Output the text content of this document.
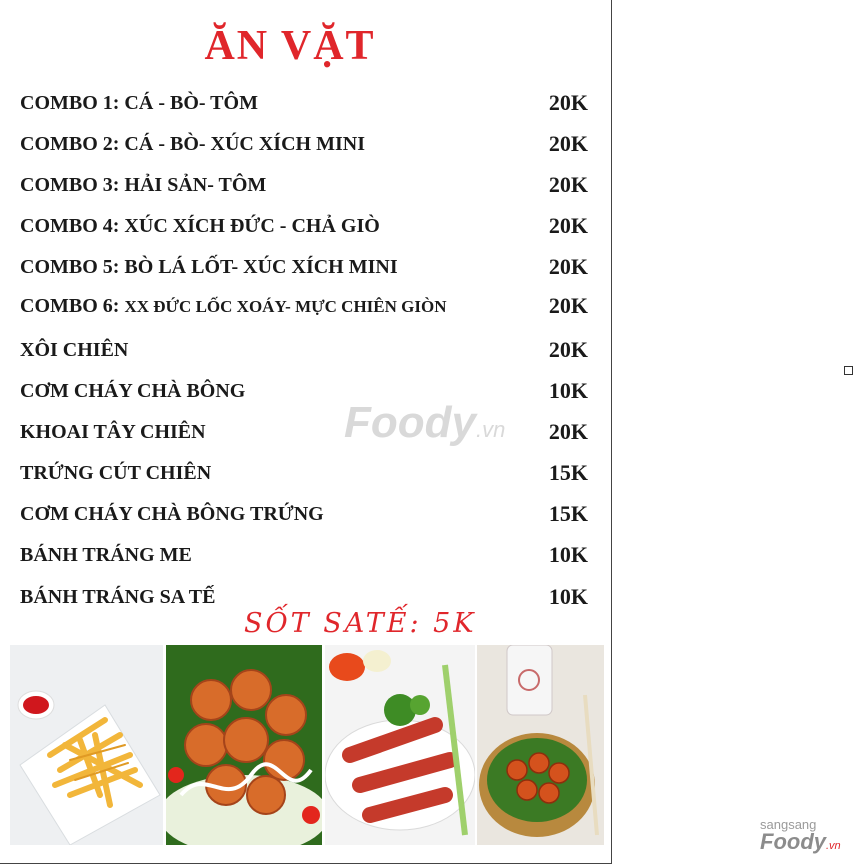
ĂN VẶT
COMBO 1: CÁ - BÒ- TÔM	20K
COMBO 2: CÁ - BÒ- XÚC XÍCH MINI	20K
COMBO 3: HẢI SẢN- TÔM	20K
COMBO 4: XÚC XÍCH ĐỨC - CHẢ GIÒ	20K
COMBO 5: BÒ LÁ LỐT- XÚC XÍCH MINI	20K
COMBO 6: XX ĐỨC LỐC XOÁY- MỰC CHIÊN GIÒN	20K
XÔI CHIÊN	20K
CƠM CHÁY CHÀ BÔNG	10K
KHOAI TÂY CHIÊN	20K
TRỨNG CÚT CHIÊN	15K
CƠM CHÁY CHÀ BÔNG TRỨNG	15K
BÁNH TRÁNG ME	10K
BÁNH TRÁNG SA TẾ	10K
SỐT SATẾ: 5K
Foody.vn
sangsang
Foody.vn
